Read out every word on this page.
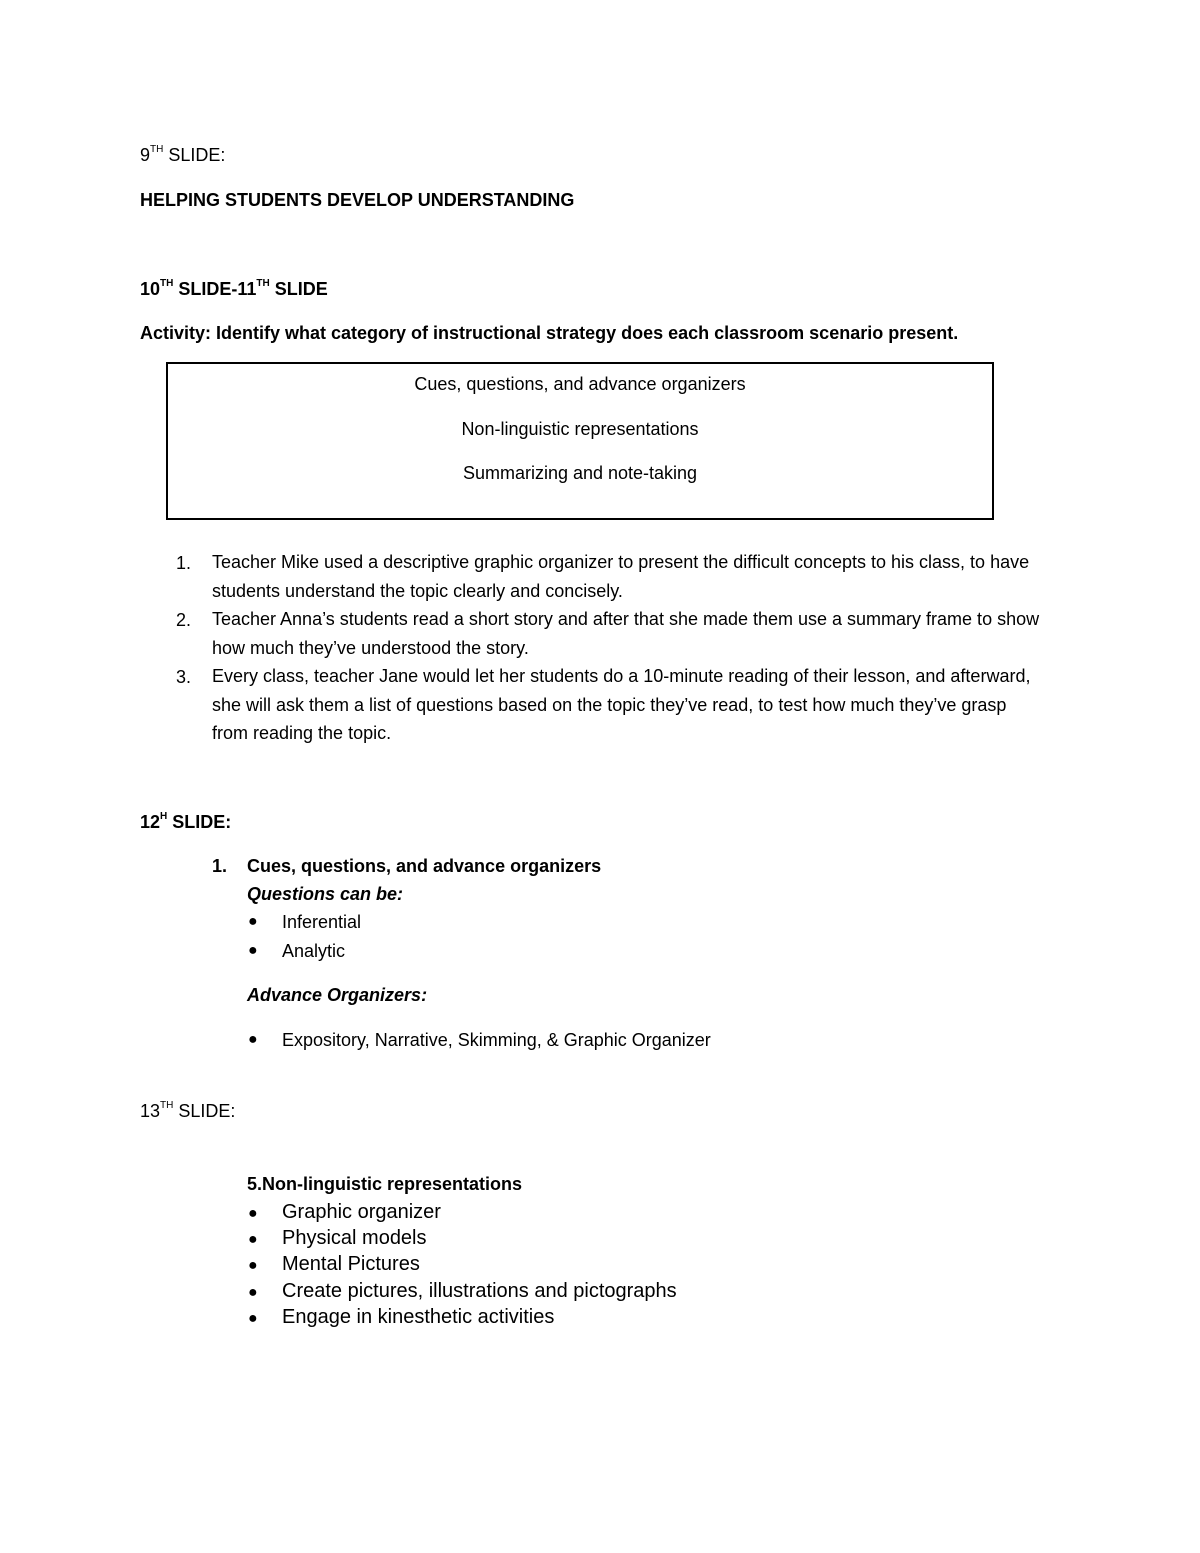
9TH SLIDE:
HELPING STUDENTS DEVELOP UNDERSTANDING
10TH SLIDE-11TH SLIDE
Activity: Identify what category of instructional strategy does each classroom scenario present.
Cues, questions, and advance organizers
Non-linguistic representations
Summarizing and note-taking
1.	Teacher Mike used a descriptive graphic organizer to present the difficult concepts to his class, to have students understand the topic clearly and concisely.
2.	Teacher Anna’s students read a short story and after that she made them use a summary frame to show how much they’ve understood the story.
3.	Every class, teacher Jane would let her students do a 10-minute reading of their lesson, and afterward, she will ask them a list of questions based on the topic they’ve read, to test how much they’ve grasp from reading the topic.
$12^H$ SLIDE:
1. Cues, questions, and advance organizers
Questions can be:
● Inferential
● Analytic
Advance Organizers:
● Expository, Narrative, Skimming, & Graphic Organizer
13TH SLIDE:
5.Non-linguistic representations
● Graphic organizer
● Physical models
● Mental Pictures
● Create pictures, illustrations and pictographs
● Engage in kinesthetic activities
